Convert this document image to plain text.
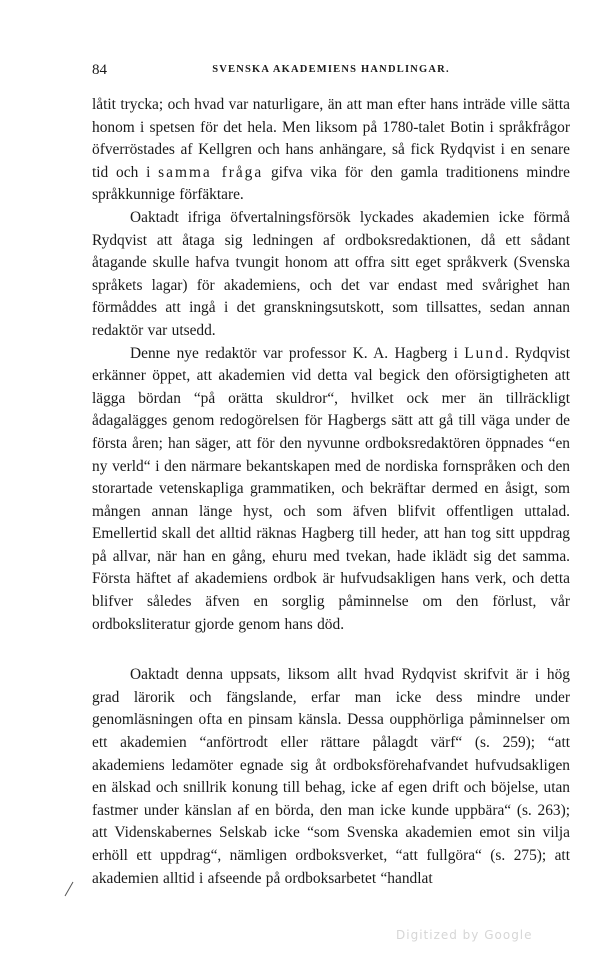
84	SVENSKA AKADEMIENS HANDLINGAR.

låtit trycka; och hvad var naturligare, än att man efter hans inträde ville sätta honom i spetsen för det hela. Men liksom på 1780-talet Botin i språkfrågor öfverröstades af Kellgren och hans anhängare, så fick Rydqvist i en senare tid och i samma fråga gifva vika för den gamla traditionens mindre språkkunnige förfäktare.

Oaktadt ifriga öfvertalningsförsök lyckades akademien icke förmå Rydqvist att åtaga sig ledningen af ordboksredaktionen, då ett sådant åtagande skulle hafva tvungit honom att offra sitt eget språkverk (Svenska språkets lagar) för akademiens, och det var endast med svårighet han förmåddes att ingå i det granskningsutskott, som tillsattes, sedan annan redaktör var utsedd.

Denne nye redaktör var professor K. A. Hagberg i Lund. Rydqvist erkänner öppet, att akademien vid detta val begick den oförsigtigheten att lägga bördan “på orätta skuldror“, hvilket ock mer än tillräckligt ådagalägges genom redogörelsen för Hagbergs sätt att gå till väga under de första åren; han säger, att för den nyvunne ordboksredaktören öppnades “en ny verld“ i den närmare bekantskapen med de nordiska fornspråken och den storartade vetenskapliga grammatiken, och bekräftar dermed en åsigt, som mången annan länge hyst, och som äfven blifvit offentligen uttalad. Emellertid skall det alltid räknas Hagberg till heder, att han tog sitt uppdrag på allvar, när han en gång, ehuru med tvekan, hade iklädt sig det samma. Första häftet af akademiens ordbok är hufvudsakligen hans verk, och detta blifver således äfven en sorglig påminnelse om den förlust, vår ordboksliteratur gjorde genom hans död.

Oaktadt denna uppsats, liksom allt hvad Rydqvist skrifvit är i hög grad lärorik och fängslande, erfar man icke dess mindre under genomläsningen ofta en pinsam känsla. Dessa oupphörliga påminnelser om ett akademien “anförtrodt eller rättare pålagdt värf“ (s. 259); “att akademiens ledamöter egnade sig åt ordboksförehafvandet hufvudsakligen en älskad och snillrik konung till behag, icke af egen drift och böjelse, utan fastmer under känslan af en börda, den man icke kunde uppbära“ (s. 263); att Videnskabernes Selskab icke “som Svenska akademien emot sin vilja erhöll ett uppdrag“, nämligen ordboksverket, “att fullgöra“ (s. 275); att akademien alltid i afseende på ordboksarbetet “handlat

Digitized by Google
